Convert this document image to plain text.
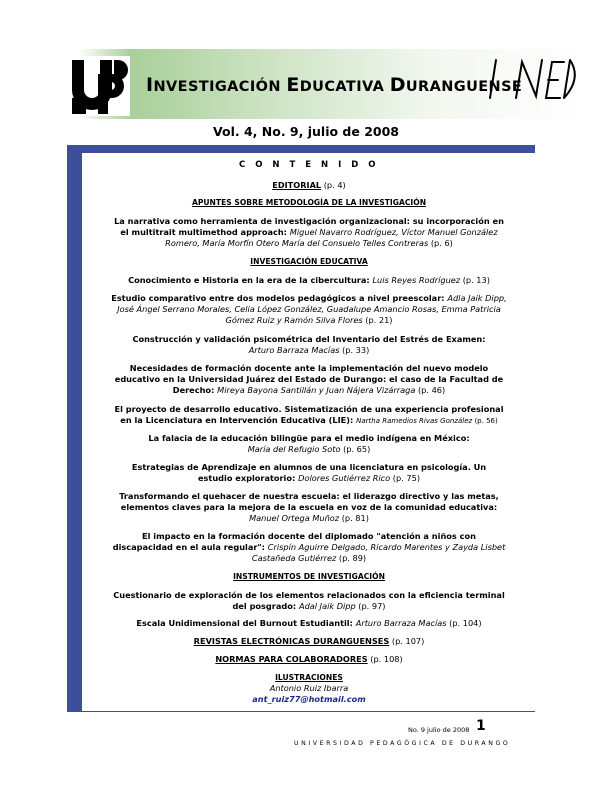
INVESTIGACIÓN EDUCATIVA DURANGUENSE
Vol. 4, No. 9, julio de 2008
C O N T E N I D O
EDITORIAL (p. 4)
APUNTES SOBRE METODOLOGÍA DE LA INVESTIGACIÓN
La narrativa como herramienta de investigación organizacional: su incorporación en
el multitrait multimethod approach: Miguel Navarro Rodríguez, Víctor Manuel González
Romero, María Morfín Otero María del Consuelo Telles Contreras (p. 6)
INVESTIGACIÓN EDUCATIVA
Conocimiento e Historia en la era de la cibercultura: Luis Reyes Rodríguez (p. 13)
Estudio comparativo entre dos modelos pedagógicos a nivel preescolar: Adla Jaik Dipp,
José Ángel Serrano Morales, Celia López González, Guadalupe Amancio Rosas, Emma Patricia
Gómez Ruiz y Ramón Silva Flores (p. 21)
Construcción y validación psicométrica del Inventario del Estrés de Examen:
Arturo Barraza Macías (p. 33)
Necesidades de formación docente ante la implementación del nuevo modelo
educativo en la Universidad Juárez del Estado de Durango: el caso de la Facultad de
Derecho: Mireya Bayona Santillán y Juan Nájera Vizárraga (p. 46)
El proyecto de desarrollo educativo. Sistematización de una experiencia profesional
en la Licenciatura en Intervención Educativa (LIE): Nartha Ramedios Rivas González (p. 56)
La falacia de la educación bilingüe para el medio indígena en México:
María del Refugio Soto (p. 65)
Estrategias de Aprendizaje en alumnos de una licenciatura en psicología. Un
estudio exploratorio: Dolores Gutiérrez Rico (p. 75)
Transformando el quehacer de nuestra escuela: el liderazgo directivo y las metas,
elementos claves para la mejora de la escuela en voz de la comunidad educativa:
Manuel Ortega Muñoz (p. 81)
El impacto en la formación docente del diplomado "atención a niños con
discapacidad en el aula regular": Crispín Aguirre Delgado, Ricardo Marentes y Zayda Lisbet
Castañeda Gutiérrez (p. 89)
INSTRUMENTOS DE INVESTIGACIÓN
Cuestionario de exploración de los elementos relacionados con la eficiencia terminal
del posgrado: Adal Jaik Dipp (p. 97)
Escala Unidimensional del Burnout Estudiantil: Arturo Barraza Macías (p. 104)
REVISTAS ELECTRÓNICAS DURANGUENSES (p. 107)
NORMAS PARA COLABORADORES (p. 108)
ILUSTRACIONES
Antonio Ruiz Ibarra
ant_ruiz77@hotmail.com
No. 9 julio de 2008 1
UNIVERSIDAD PEDAGÓGICA DE DURANGO
